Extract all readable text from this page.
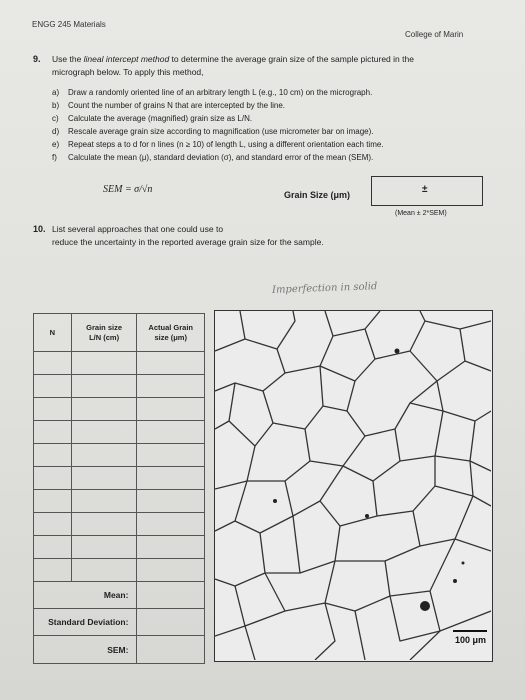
ENGG 245 Materials
College of Marin
9. Use the lineal intercept method to determine the average grain size of the sample pictured in the
micrograph below. To apply this method,
a) Draw a randomly oriented line of an arbitrary length L (e.g., 10 cm) on the micrograph.
b) Count the number of grains N that are intercepted by the line.
c) Calculate the average (magnified) grain size as L/N.
d) Rescale average grain size according to magnification (use micrometer bar on image).
e) Repeat steps a to d for n lines (n ≥ 10) of length L, using a different orientation each time.
f) Calculate the mean (μ), standard deviation (σ), and standard error of the mean (SEM).
SEM = σ/√n	Grain Size (μm)	±
(Mean ± 2*SEM)
10. List several approaches that one could use to
reduce the uncertainty in the reported average grain size for the sample.
Imperfection in solid
N	Grain size
L/N (cm)	Actual Grain
size (μm)

Mean:		
Standard Deviation:		
SEM:		
100 μm
